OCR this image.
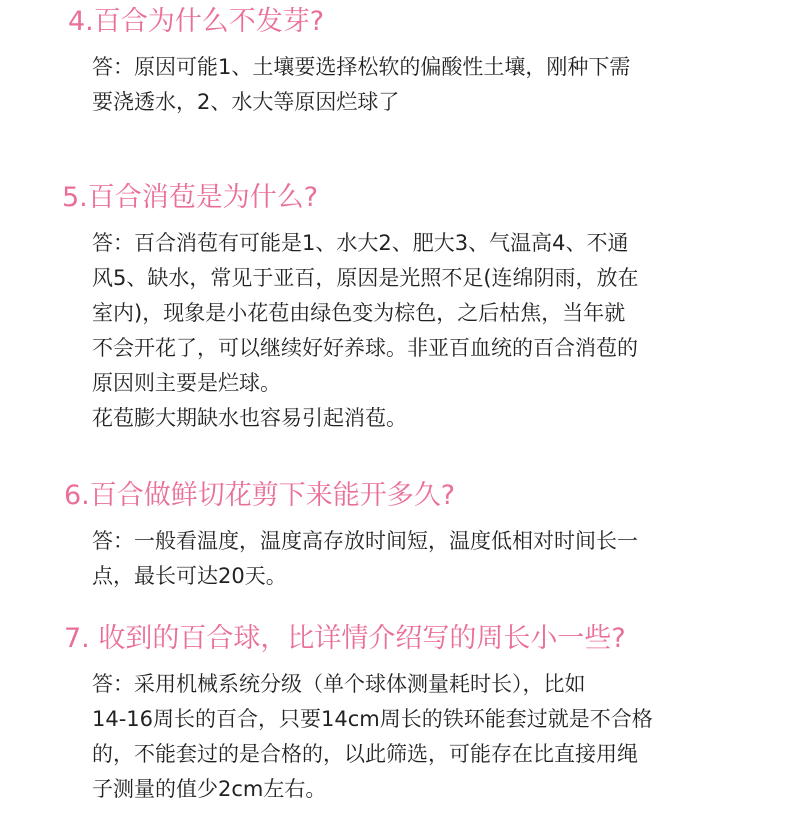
4.百合为什么不发芽?
答：原因可能1、土壤要选择松软的偏酸性土壤，刚种下需
要浇透水，2、水大等原因烂球了
5.百合消苞是为什么?
答：百合消苞有可能是1、水大2、肥大3、气温高4、不通
风5、缺水，常见于亚百，原因是光照不足(连绵阴雨，放在
室内)，现象是小花苞由绿色变为棕色，之后枯焦，当年就
不会开花了，可以继续好好养球。非亚百血统的百合消苞的
原因则主要是烂球。
花苞膨大期缺水也容易引起消苞。
6.百合做鲜切花剪下来能开多久?
答：一般看温度，温度高存放时间短，温度低相对时间长一
点，最长可达20天。
7. 收到的百合球，比详情介绍写的周长小一些?
答：采用机械系统分级（单个球体测量耗时长），比如
14-16周长的百合，只要14cm周长的铁环能套过就是不合格
的，不能套过的是合格的，以此筛选，可能存在比直接用绳
子测量的值少2cm左右。
